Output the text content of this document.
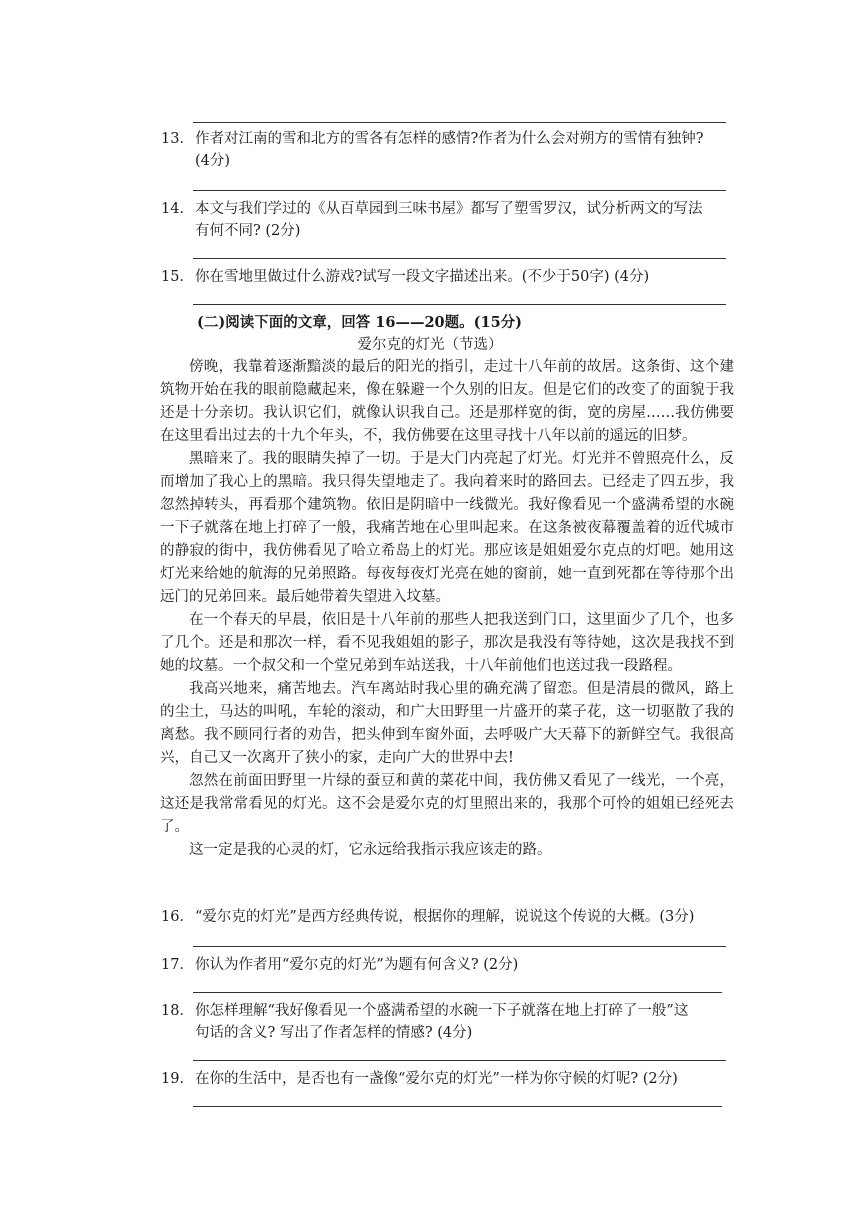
13．作者对江南的雪和北方的雪各有怎样的感情?作者为什么会对朔方的雪情有独钟?
(4分)
14．本文与我们学过的《从百草园到三味书屋》都写了塑雪罗汉，试分析两文的写法
有何不同? (2分)
15．你在雪地里做过什么游戏?试写一段文字描述出来。(不少于50字) (4分)
(二)阅读下面的文章，回答 16——20题。(15分)
爱尔克的灯光（节选）

傍晚，我靠着逐渐黯淡的最后的阳光的指引，走过十八年前的故居。这条街、这个建筑物开始在我的眼前隐藏起来，像在躲避一个久别的旧友。但是它们的改变了的面貌于我还是十分亲切。我认识它们，就像认识我自己。还是那样宽的街，宽的房屋……我仿佛要在这里看出过去的十九个年头，不，我仿佛要在这里寻找十八年以前的遥远的旧梦。

黑暗来了。我的眼睛失掉了一切。于是大门内亮起了灯光。灯光并不曾照亮什么，反而增加了我心上的黑暗。我只得失望地走了。我向着来时的路回去。已经走了四五步，我忽然掉转头，再看那个建筑物。依旧是阴暗中一线微光。我好像看见一个盛满希望的水碗一下子就落在地上打碎了一般，我痛苦地在心里叫起来。在这条被夜幕覆盖着的近代城市的静寂的街中，我仿佛看见了哈立希岛上的灯光。那应该是姐姐爱尔克点的灯吧。她用这灯光来给她的航海的兄弟照路。每夜每夜灯光亮在她的窗前，她一直到死都在等待那个出远门的兄弟回来。最后她带着失望进入坟墓。

在一个春天的早晨，依旧是十八年前的那些人把我送到门口，这里面少了几个，也多了几个。还是和那次一样，看不见我姐姐的影子，那次是我没有等待她，这次是我找不到她的坟墓。一个叔父和一个堂兄弟到车站送我，十八年前他们也送过我一段路程。

我高兴地来，痛苦地去。汽车离站时我心里的确充满了留恋。但是清晨的微风，路上的尘土，马达的叫吼，车轮的滚动，和广大田野里一片盛开的菜子花，这一切驱散了我的离愁。我不顾同行者的劝告，把头伸到车窗外面，去呼吸广大天幕下的新鲜空气。我很高兴，自己又一次离开了狭小的家，走向广大的世界中去!

忽然在前面田野里一片绿的蚕豆和黄的菜花中间，我仿佛又看见了一线光，一个亮，这还是我常常看见的灯光。这不会是爱尔克的灯里照出来的，我那个可怜的姐姐已经死去了。

这一定是我的心灵的灯，它永远给我指示我应该走的路。

16．“爱尔克的灯光”是西方经典传说，根据你的理解，说说这个传说的大概。(3分)
17．你认为作者用“爱尔克的灯光”为题有何含义? (2分)
18．你怎样理解“我好像看见一个盛满希望的水碗一下子就落在地上打碎了一般”这
句话的含义? 写出了作者怎样的情感? (4分)
19．在你的生活中，是否也有一盏像“爱尔克的灯光”一样为你守候的灯呢? (2分)
